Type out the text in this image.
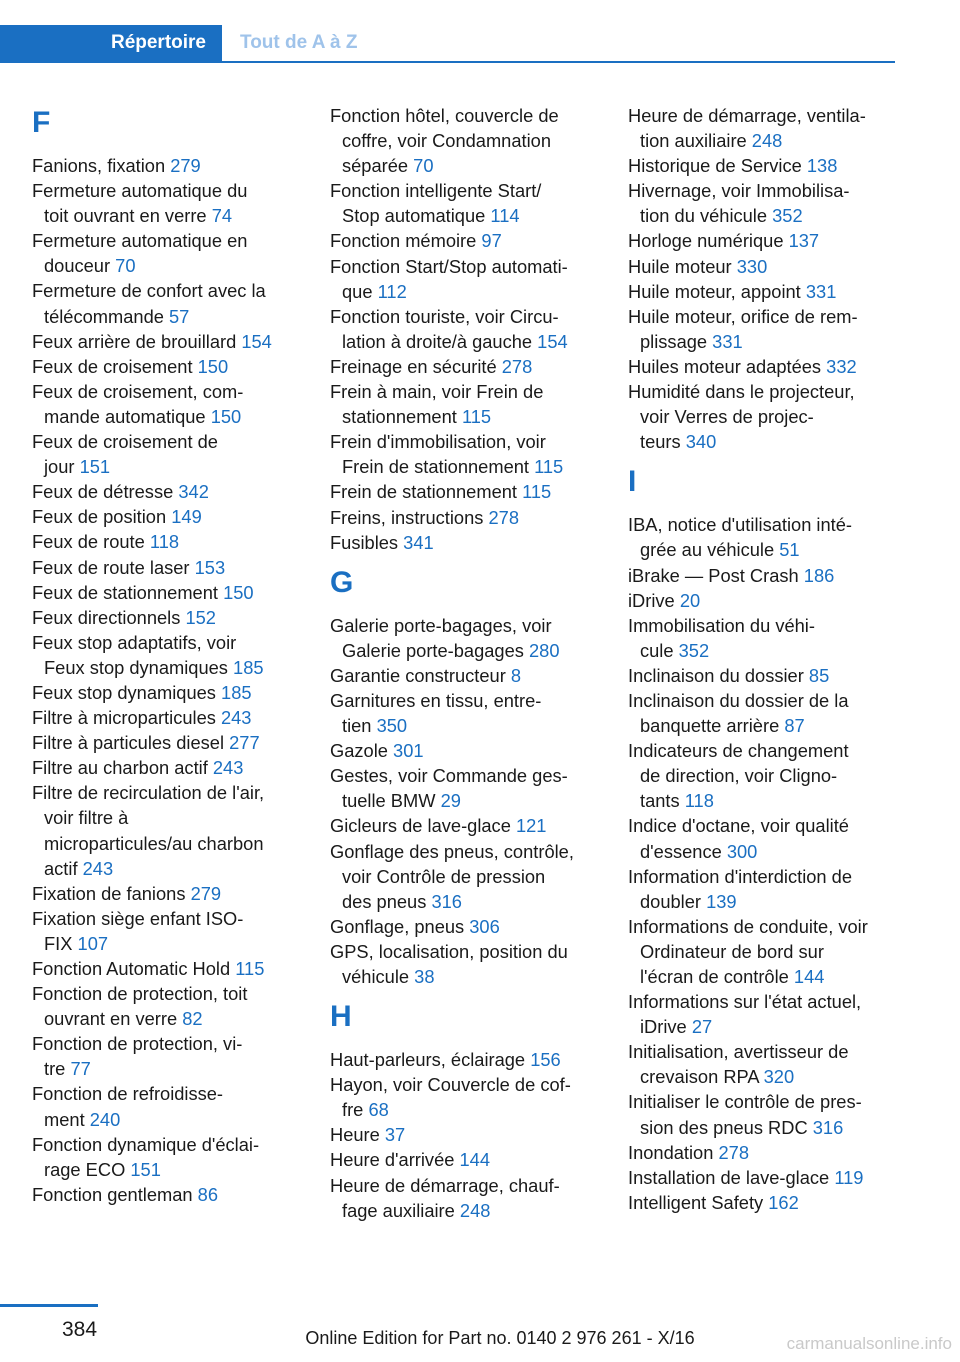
Répertoire	Tout de A à Z
F
Fanions, fixation 279
Fermeture automatique du
toit ouvrant en verre 74
Fermeture automatique en
douceur 70
Fermeture de confort avec la
télécommande 57
Feux arrière de brouillard 154
Feux de croisement 150
Feux de croisement, com-
mande automatique 150
Feux de croisement de
jour 151
Feux de détresse 342
Feux de position 149
Feux de route 118
Feux de route laser 153
Feux de stationnement 150
Feux directionnels 152
Feux stop adaptatifs, voir
Feux stop dynamiques 185
Feux stop dynamiques 185
Filtre à microparticules 243
Filtre à particules diesel 277
Filtre au charbon actif 243
Filtre de recirculation de l'air,
voir filtre à
microparticules/au charbon
actif 243
Fixation de fanions 279
Fixation siège enfant ISO-
FIX 107
Fonction Automatic Hold 115
Fonction de protection, toit
ouvrant en verre 82
Fonction de protection, vi-
tre 77
Fonction de refroidisse-
ment 240
Fonction dynamique d'éclai-
rage ECO 151
Fonction gentleman 86
Fonction hôtel, couvercle de
coffre, voir Condamnation
séparée 70
Fonction intelligente Start/
Stop automatique 114
Fonction mémoire 97
Fonction Start/Stop automati-
que 112
Fonction touriste, voir Circu-
lation à droite/à gauche 154
Freinage en sécurité 278
Frein à main, voir Frein de
stationnement 115
Frein d'immobilisation, voir
Frein de stationnement 115
Frein de stationnement 115
Freins, instructions 278
Fusibles 341
G
Galerie porte-bagages, voir
Galerie porte-bagages 280
Garantie constructeur 8
Garnitures en tissu, entre-
tien 350
Gazole 301
Gestes, voir Commande ges-
tuelle BMW 29
Gicleurs de lave-glace 121
Gonflage des pneus, contrôle,
voir Contrôle de pression
des pneus 316
Gonflage, pneus 306
GPS, localisation, position du
véhicule 38
H
Haut-parleurs, éclairage 156
Hayon, voir Couvercle de cof-
fre 68
Heure 37
Heure d'arrivée 144
Heure de démarrage, chauf-
fage auxiliaire 248
Heure de démarrage, ventila-
tion auxiliaire 248
Historique de Service 138
Hivernage, voir Immobilisa-
tion du véhicule 352
Horloge numérique 137
Huile moteur 330
Huile moteur, appoint 331
Huile moteur, orifice de rem-
plissage 331
Huiles moteur adaptées 332
Humidité dans le projecteur,
voir Verres de projec-
teurs 340
I
IBA, notice d'utilisation inté-
grée au véhicule 51
iBrake — Post Crash 186
iDrive 20
Immobilisation du véhi-
cule 352
Inclinaison du dossier 85
Inclinaison du dossier de la
banquette arrière 87
Indicateurs de changement
de direction, voir Cligno-
tants 118
Indice d'octane, voir qualité
d'essence 300
Information d'interdiction de
doubler 139
Informations de conduite, voir
Ordinateur de bord sur
l'écran de contrôle 144
Informations sur l'état actuel,
iDrive 27
Initialisation, avertisseur de
crevaison RPA 320
Initialiser le contrôle de pres-
sion des pneus RDC 316
Inondation 278
Installation de lave-glace 119
Intelligent Safety 162
384	Online Edition for Part no. 0140 2 976 261 - X/16	carmanualsonline.info
